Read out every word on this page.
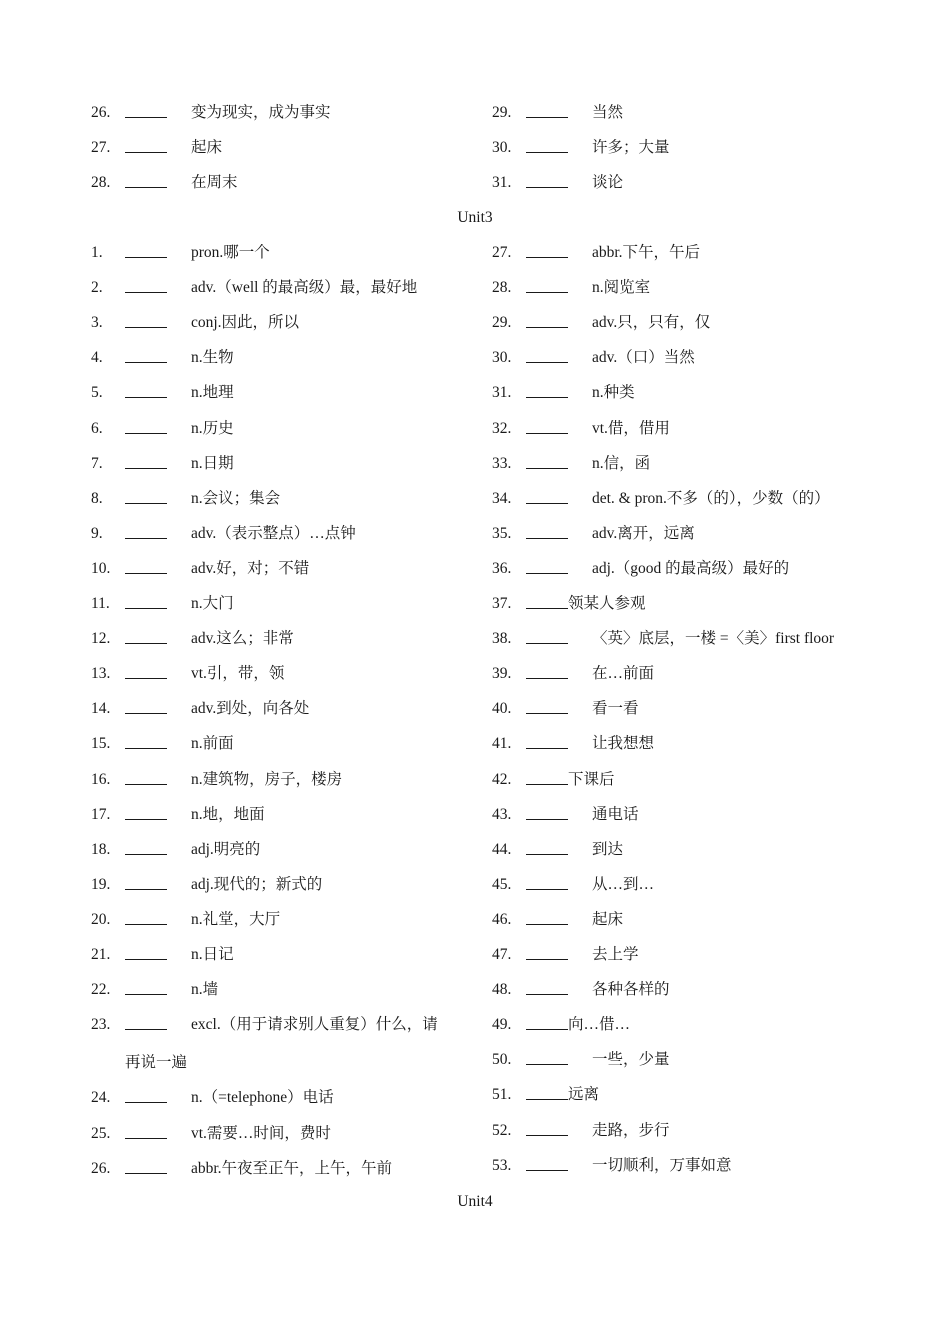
26.	变为现实，成为事实
27.	起床
28.	在周末
29.	当然
30.	许多；大量
31.	谈论
Unit3
1.	pron.哪一个
2.	adv.（well 的最高级）最，最好地
3.	conj.因此，所以
4.	n.生物
5.	n.地理
6.	n.历史
7.	n.日期
8.	n.会议；集会
9.	adv.（表示整点）…点钟
10.	adv.好，对；不错
11.	n.大门
12.	adv.这么；非常
13.	vt.引，带，领
14.	adv.到处，向各处
15.	n.前面
16.	n.建筑物，房子，楼房
17.	n.地，地面
18.	adj.明亮的
19.	adj.现代的；新式的
20.	n.礼堂，大厅
21.	n.日记
22.	n.墙
23.	excl.（用于请求别人重复）什么，请
再说一遍
24.	n.（=telephone）电话
25.	vt.需要…时间，费时
26.	abbr.午夜至正午，上午，午前
27.	abbr.下午，午后
28.	n.阅览室
29.	adv.只，只有，仅
30.	adv.（口）当然
31.	n.种类
32.	vt.借，借用
33.	n.信，函
34.	det. & pron.不多（的），少数（的）
35.	adv.离开，远离
36.	adj.（good 的最高级）最好的
37.	领某人参观
38.	〈英〉底层，一楼 =〈美〉first floor
39.	在…前面
40.	看一看
41.	让我想想
42.	下课后
43.	通电话
44.	到达
45.	从…到…
46.	起床
47.	去上学
48.	各种各样的
49.	向…借…
50.	一些，少量
51.	远离
52.	走路，步行
53.	一切顺利，万事如意
Unit4
